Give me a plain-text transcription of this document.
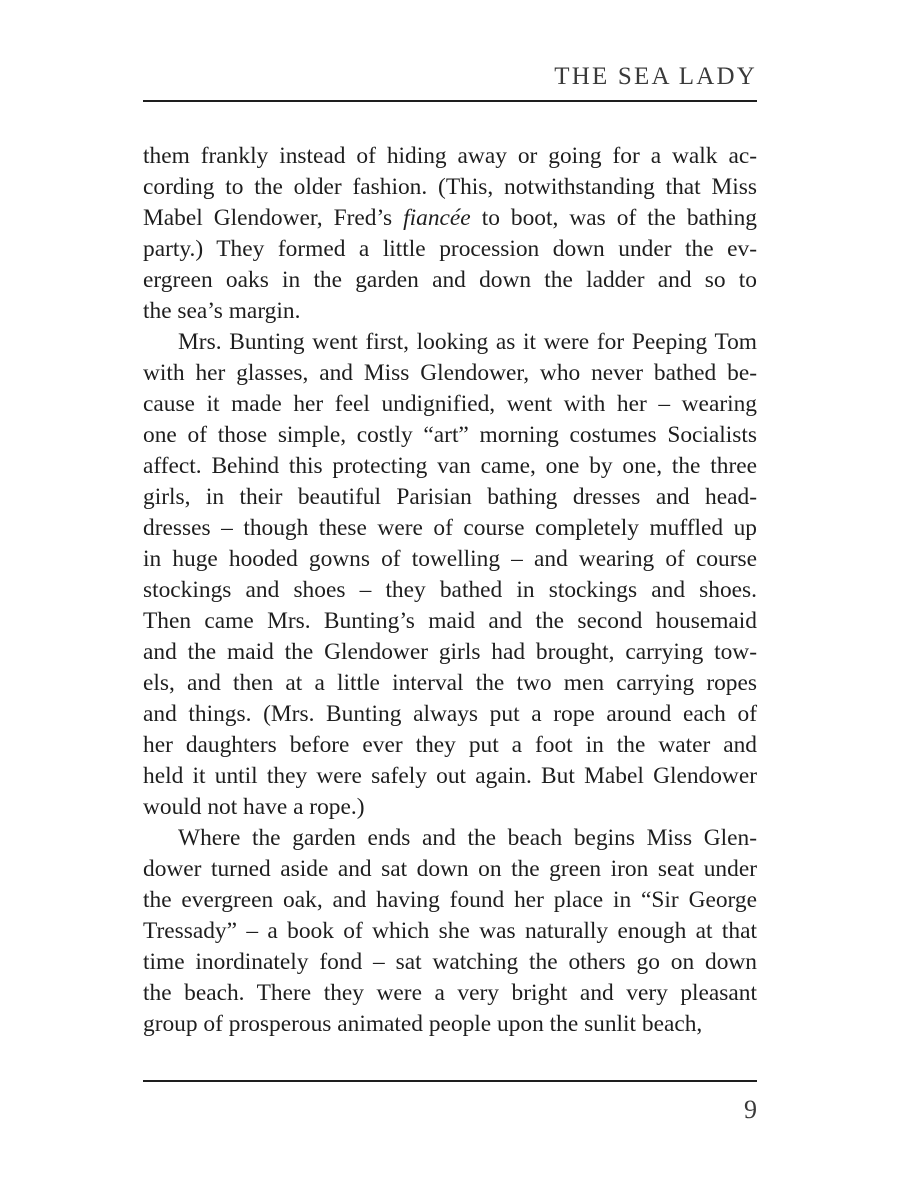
THE SEA LADY
them frankly instead of hiding away or going for a walk ac-
cording to the older fashion. (This, notwithstanding that Miss
Mabel Glendower, Fred’s fiancée to boot, was of the bathing
party.) They formed a little procession down under the ev-
ergreen oaks in the garden and down the ladder and so to
the sea’s margin.
Mrs. Bunting went first, looking as it were for Peeping Tom
with her glasses, and Miss Glendower, who never bathed be-
cause it made her feel undignified, went with her – wearing
one of those simple, costly “art” morning costumes Socialists
affect. Behind this protecting van came, one by one, the three
girls, in their beautiful Parisian bathing dresses and head-
dresses – though these were of course completely muffled up
in huge hooded gowns of towelling – and wearing of course
stockings and shoes – they bathed in stockings and shoes.
Then came Mrs. Bunting’s maid and the second housemaid
and the maid the Glendower girls had brought, carrying tow-
els, and then at a little interval the two men carrying ropes
and things. (Mrs. Bunting always put a rope around each of
her daughters before ever they put a foot in the water and
held it until they were safely out again. But Mabel Glendower
would not have a rope.)
Where the garden ends and the beach begins Miss Glen-
dower turned aside and sat down on the green iron seat under
the evergreen oak, and having found her place in “Sir George
Tressady” – a book of which she was naturally enough at that
time inordinately fond – sat watching the others go on down
the beach. There they were a very bright and very pleasant
group of prosperous animated people upon the sunlit beach,
9
